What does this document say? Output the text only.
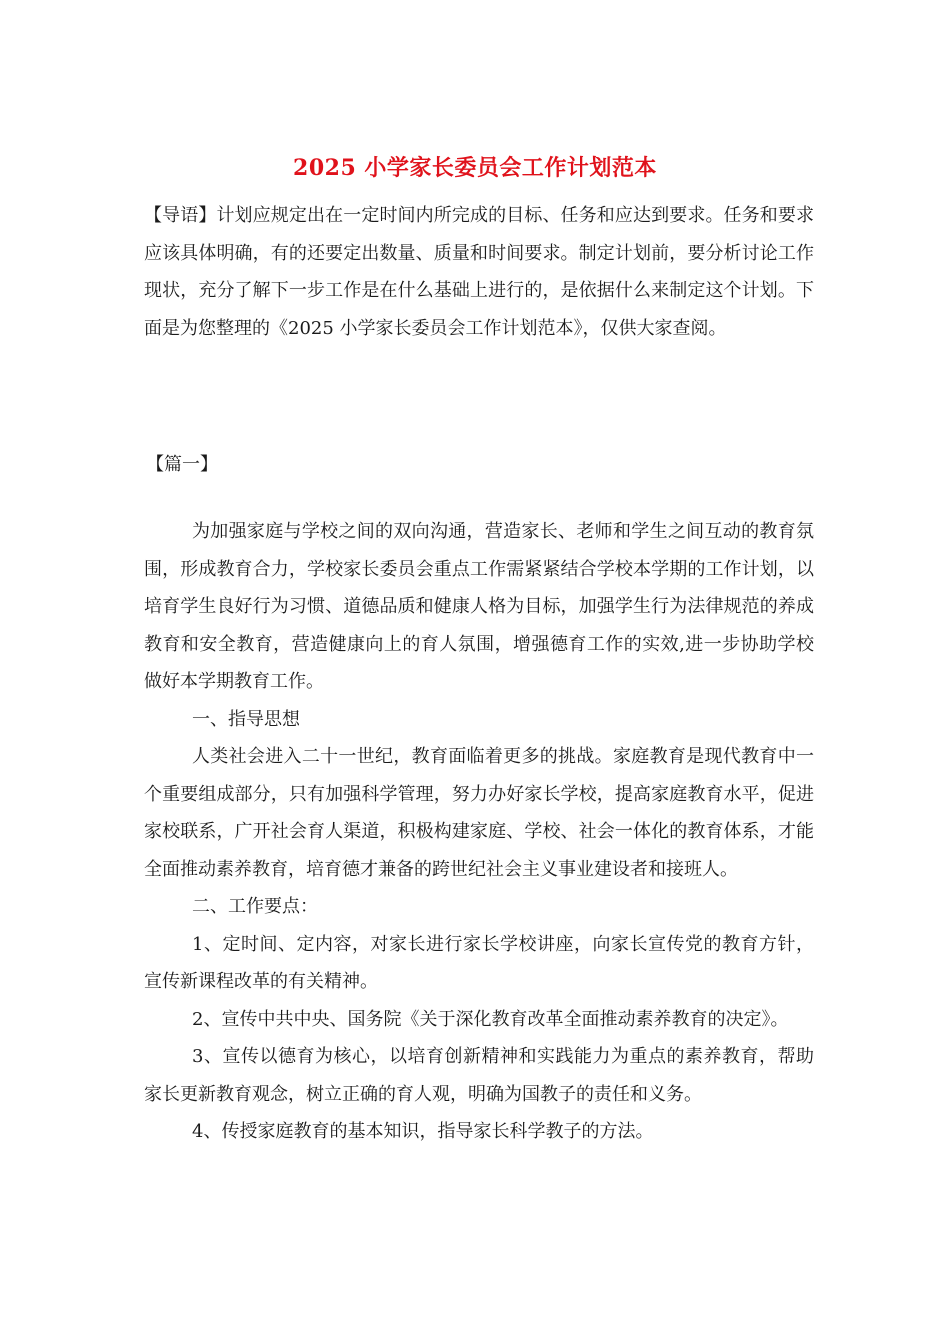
2025 小学家长委员会工作计划范本
【导语】计划应规定出在一定时间内所完成的目标、任务和应达到要求。任务和要求应该具体明确，有的还要定出数量、质量和时间要求。制定计划前，要分析讨论工作现状，充分了解下一步工作是在什么基础上进行的，是依据什么来制定这个计划。下面是为您整理的《2025 小学家长委员会工作计划范本》，仅供大家查阅。
【篇一】

为加强家庭与学校之间的双向沟通，营造家长、老师和学生之间互动的教育氛围，形成教育合力，学校家长委员会重点工作需紧紧结合学校本学期的工作计划，以培育学生良好行为习惯、道德品质和健康人格为目标，加强学生行为法律规范的养成教育和安全教育，营造健康向上的育人氛围，增强德育工作的实效,进一步协助学校做好本学期教育工作。

一、指导思想

人类社会进入二十一世纪，教育面临着更多的挑战。家庭教育是现代教育中一个重要组成部分，只有加强科学管理，努力办好家长学校，提高家庭教育水平，促进家校联系，广开社会育人渠道，积极构建家庭、学校、社会一体化的教育体系，才能全面推动素养教育，培育德才兼备的跨世纪社会主义事业建设者和接班人。

二、工作要点：

1、定时间、定内容，对家长进行家长学校讲座，向家长宣传党的教育方针，宣传新课程改革的有关精神。

2、宣传中共中央、国务院《关于深化教育改革全面推动素养教育的决定》。

3、宣传以德育为核心，以培育创新精神和实践能力为重点的素养教育，帮助家长更新教育观念，树立正确的育人观，明确为国教子的责任和义务。

4、传授家庭教育的基本知识，指导家长科学教子的方法。
